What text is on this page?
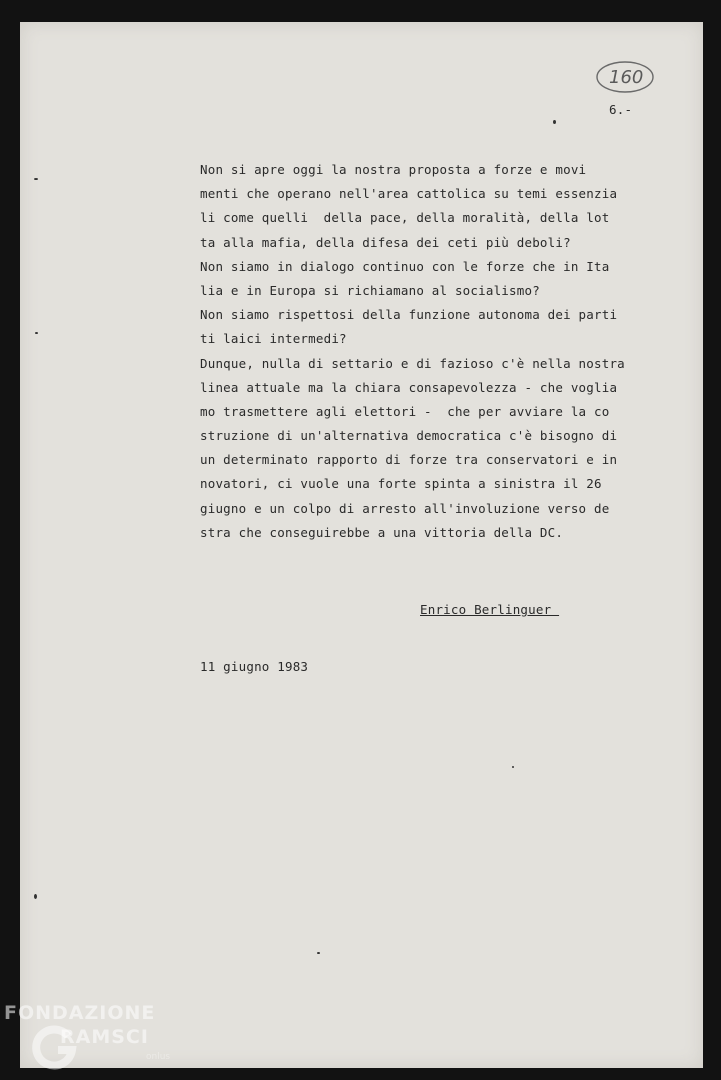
160
6.-
Non si apre oggi la nostra proposta a forze e movi
menti che operano nell'area cattolica su temi essenzia
li come quelli  della pace, della moralità, della lot
ta alla mafia, della difesa dei ceti più deboli?
Non siamo in dialogo continuo con le forze che in Ita
lia e in Europa si richiamano al socialismo?
Non siamo rispettosi della funzione autonoma dei parti
ti laici intermedi?
Dunque, nulla di settario e di fazioso c'è nella nostra
linea attuale ma la chiara consapevolezza - che voglia
mo trasmettere agli elettori -  che per avviare la co
struzione di un'alternativa democratica c'è bisogno di
un determinato rapporto di forze tra conservatori e in
novatori, ci vuole una forte spinta a sinistra il 26
giugno e un colpo di arresto all'involuzione verso de
stra che conseguirebbe a una vittoria della DC.
Enrico Berlinguer
11 giugno 1983
FONDAZIONE
RAMSCI
onlus
